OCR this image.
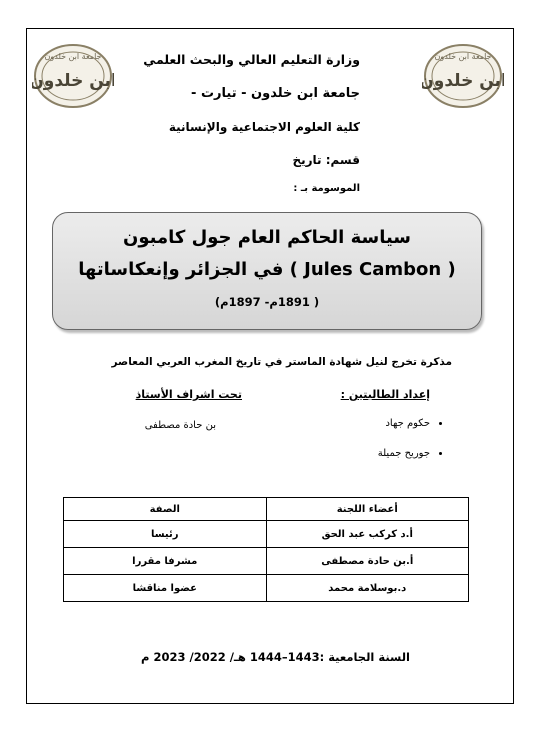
جامعة ابن خلدون
ابن خلدون
جامعة ابن خلدون
ابن خلدون
وزارة التعليم العالي والبحث العلمي
جامعة ابن خلدون - تيارت -
كلية العلوم الاجتماعية والإنسانية
قسم: تاريخ
الموسومة بـ :
سياسة الحاكم العام جول كامبون
( Jules Cambon ) في الجزائر وإنعكاساتها
( 1891م- 1897م)
مذكرة تخرج لنيل شهادة الماستر في تاريخ المغرب العربي المعاصر
إعداد الطالبتين :
تحت اشراف الأستاذ
• حكوم جهاد
• جوريح جميلة
بن حادة مصطفى
أعضاء اللجنة	الصفة
أ.د كركب عبد الحق	رئيسا
أ.بن حادة مصطفى	مشرفا مقررا
د.بوسلامة محمد	عضوا مناقشا
السنة الجامعية :1443–1444 هـ/ 2022/ 2023 م
